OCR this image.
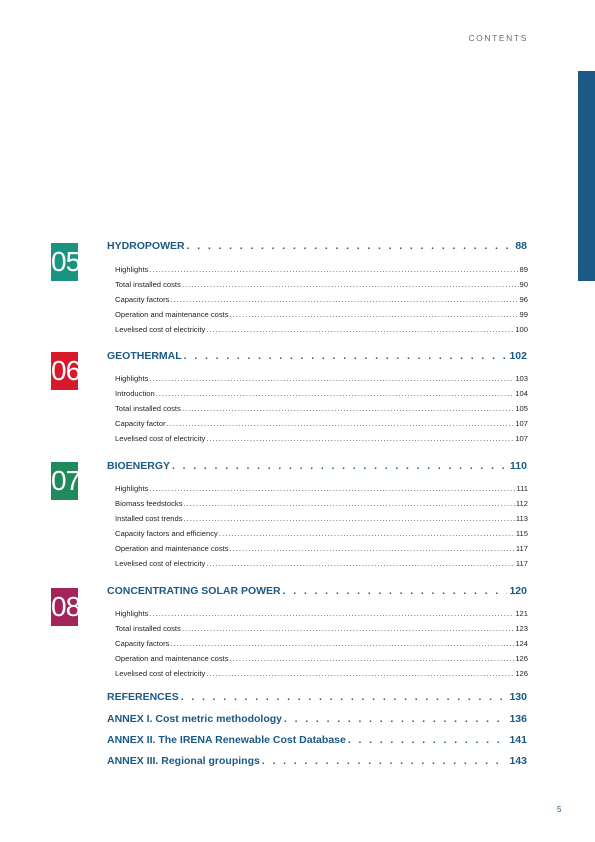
CONTENTS
05	HYDROPOWER . . .	88
Highlights .....	89
Total installed costs .....	90
Capacity factors .....	96
Operation and maintenance costs .....	99
Levelised cost of electricity .....	100
06	GEOTHERMAL . . .	102
Highlights .....	103
Introduction .....	104
Total installed costs .....	105
Capacity factor .....	107
Levelised cost of electricity .....	107
07	BIOENERGY . . .	110
Highlights .....	111
Biomass feedstocks .....	112
Installed cost trends .....	113
Capacity factors and efficiency .....	115
Operation and maintenance costs .....	117
Levelised cost of electricity .....	117
08	CONCENTRATING SOLAR POWER . . .	120
Highlights .....	121
Total installed costs .....	123
Capacity factors .....	124
Operation and maintenance costs .....	126
Levelised cost of electricity .....	126
REFERENCES . . .	130
ANNEX I. Cost metric methodology . . .	136
ANNEX II. The IRENA Renewable Cost Database . . .	141
ANNEX III. Regional groupings . . .	143
5
